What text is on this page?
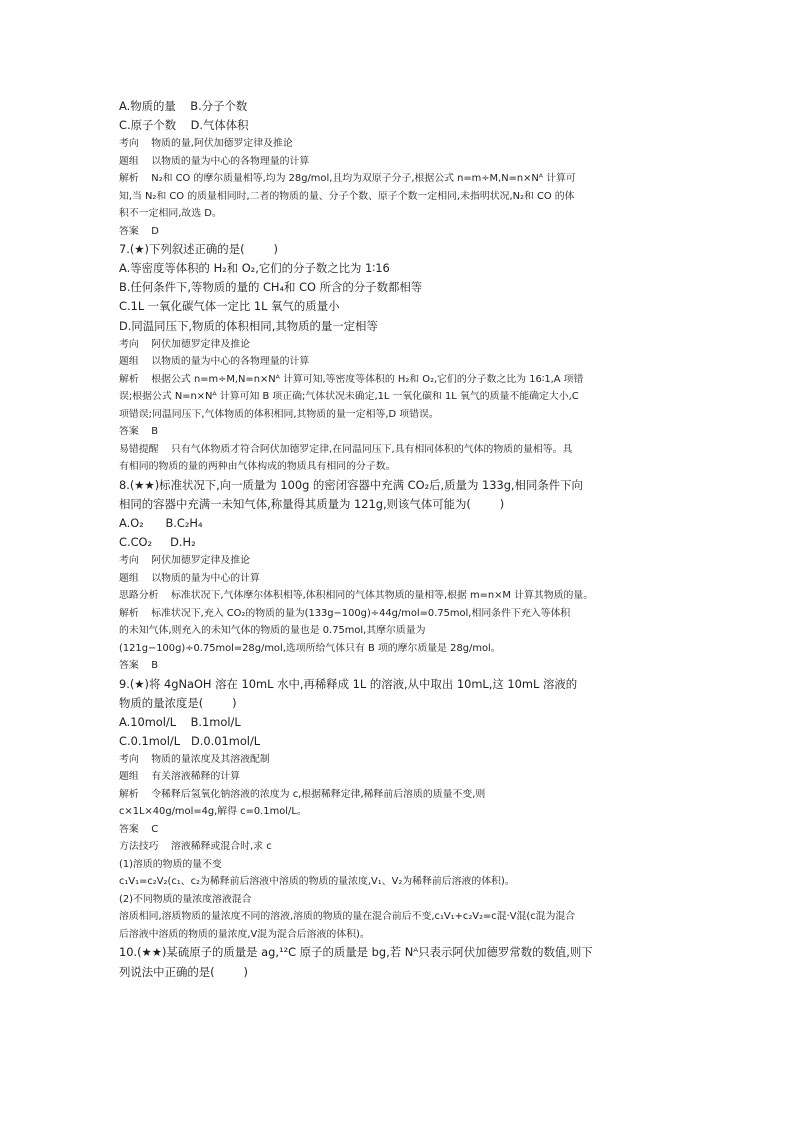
A.物质的量    B.分子个数

C.原子个数    D.气体体积

考向    物质的量,阿伏加德罗定律及推论

题组    以物质的量为中心的各物理量的计算

解析    N₂和 CO 的摩尔质量相等,均为 28g/mol,且均为双原子分子,根据公式 n=m÷M,N=n×Nᴬ 计算可

知,当 N₂和 CO 的质量相同时,二者的物质的量、分子个数、原子个数一定相同,未指明状况,N₂和 CO 的体

积不一定相同,故选 D。

答案    D

7.(★)下列叙述正确的是(        )

A.等密度等体积的 H₂和 O₂,它们的分子数之比为 1∶16

B.任何条件下,等物质的量的 CH₄和 CO 所含的分子数都相等

C.1L 一氧化碳气体一定比 1L 氧气的质量小

D.同温同压下,物质的体积相同,其物质的量一定相等

考向    阿伏加德罗定律及推论

题组    以物质的量为中心的各物理量的计算

解析    根据公式 n=m÷M,N=n×Nᴬ 计算可知,等密度等体积的 H₂和 O₂,它们的分子数之比为 16∶1,A 项错

误;根据公式 N=n×Nᴬ 计算可知 B 项正确;气体状况未确定,1L 一氧化碳和 1L 氧气的质量不能确定大小,C

项错误;同温同压下,气体物质的体积相同,其物质的量一定相等,D 项错误。

答案    B

易错提醒    只有气体物质才符合阿伏加德罗定律,在同温同压下,具有相同体积的气体的物质的量相等。具

有相同的物质的量的两种由气体构成的物质具有相同的分子数。

8.(★★)标准状况下,向一质量为 100g 的密闭容器中充满 CO₂后,质量为 133g,相同条件下向

相同的容器中充满一未知气体,称量得其质量为 121g,则该气体可能为(        )

A.O₂      B.C₂H₄

C.CO₂     D.H₂

考向    阿伏加德罗定律及推论

题组    以物质的量为中心的计算

思路分析    标准状况下,气体摩尔体积相等,体积相同的气体其物质的量相等,根据 m=n×M 计算其物质的量。

解析    标准状况下,充入 CO₂的物质的量为(133g−100g)÷44g/mol=0.75mol,相同条件下充入等体积

的未知气体,则充入的未知气体的物质的量也是 0.75mol,其摩尔质量为

(121g−100g)÷0.75mol=28g/mol,选项所给气体只有 B 项的摩尔质量是 28g/mol。

答案    B

9.(★)将 4gNaOH 溶在 10mL 水中,再稀释成 1L 的溶液,从中取出 10mL,这 10mL 溶液的

物质的量浓度是(        )

A.10mol/L    B.1mol/L

C.0.1mol/L   D.0.01mol/L

考向    物质的量浓度及其溶液配制

题组    有关溶液稀释的计算

解析    令稀释后氢氧化钠溶液的浓度为 c,根据稀释定律,稀释前后溶质的质量不变,则

c×1L×40g/mol=4g,解得 c=0.1mol/L。

答案    C

方法技巧    溶液稀释或混合时,求 c

(1)溶质的物质的量不变

c₁V₁=c₂V₂(c₁、c₂为稀释前后溶液中溶质的物质的量浓度,V₁、V₂为稀释前后溶液的体积)。

(2)不同物质的量浓度溶液混合

溶质相同,溶质物质的量浓度不同的溶液,溶质的物质的量在混合前后不变,c₁V₁+c₂V₂=c混·V混(c混为混合

后溶液中溶质的物质的量浓度,V混为混合后溶液的体积)。

10.(★★)某硫原子的质量是 ag,¹²C 原子的质量是 bg,若 Nᴬ只表示阿伏加德罗常数的数值,则下

列说法中正确的是(        )
